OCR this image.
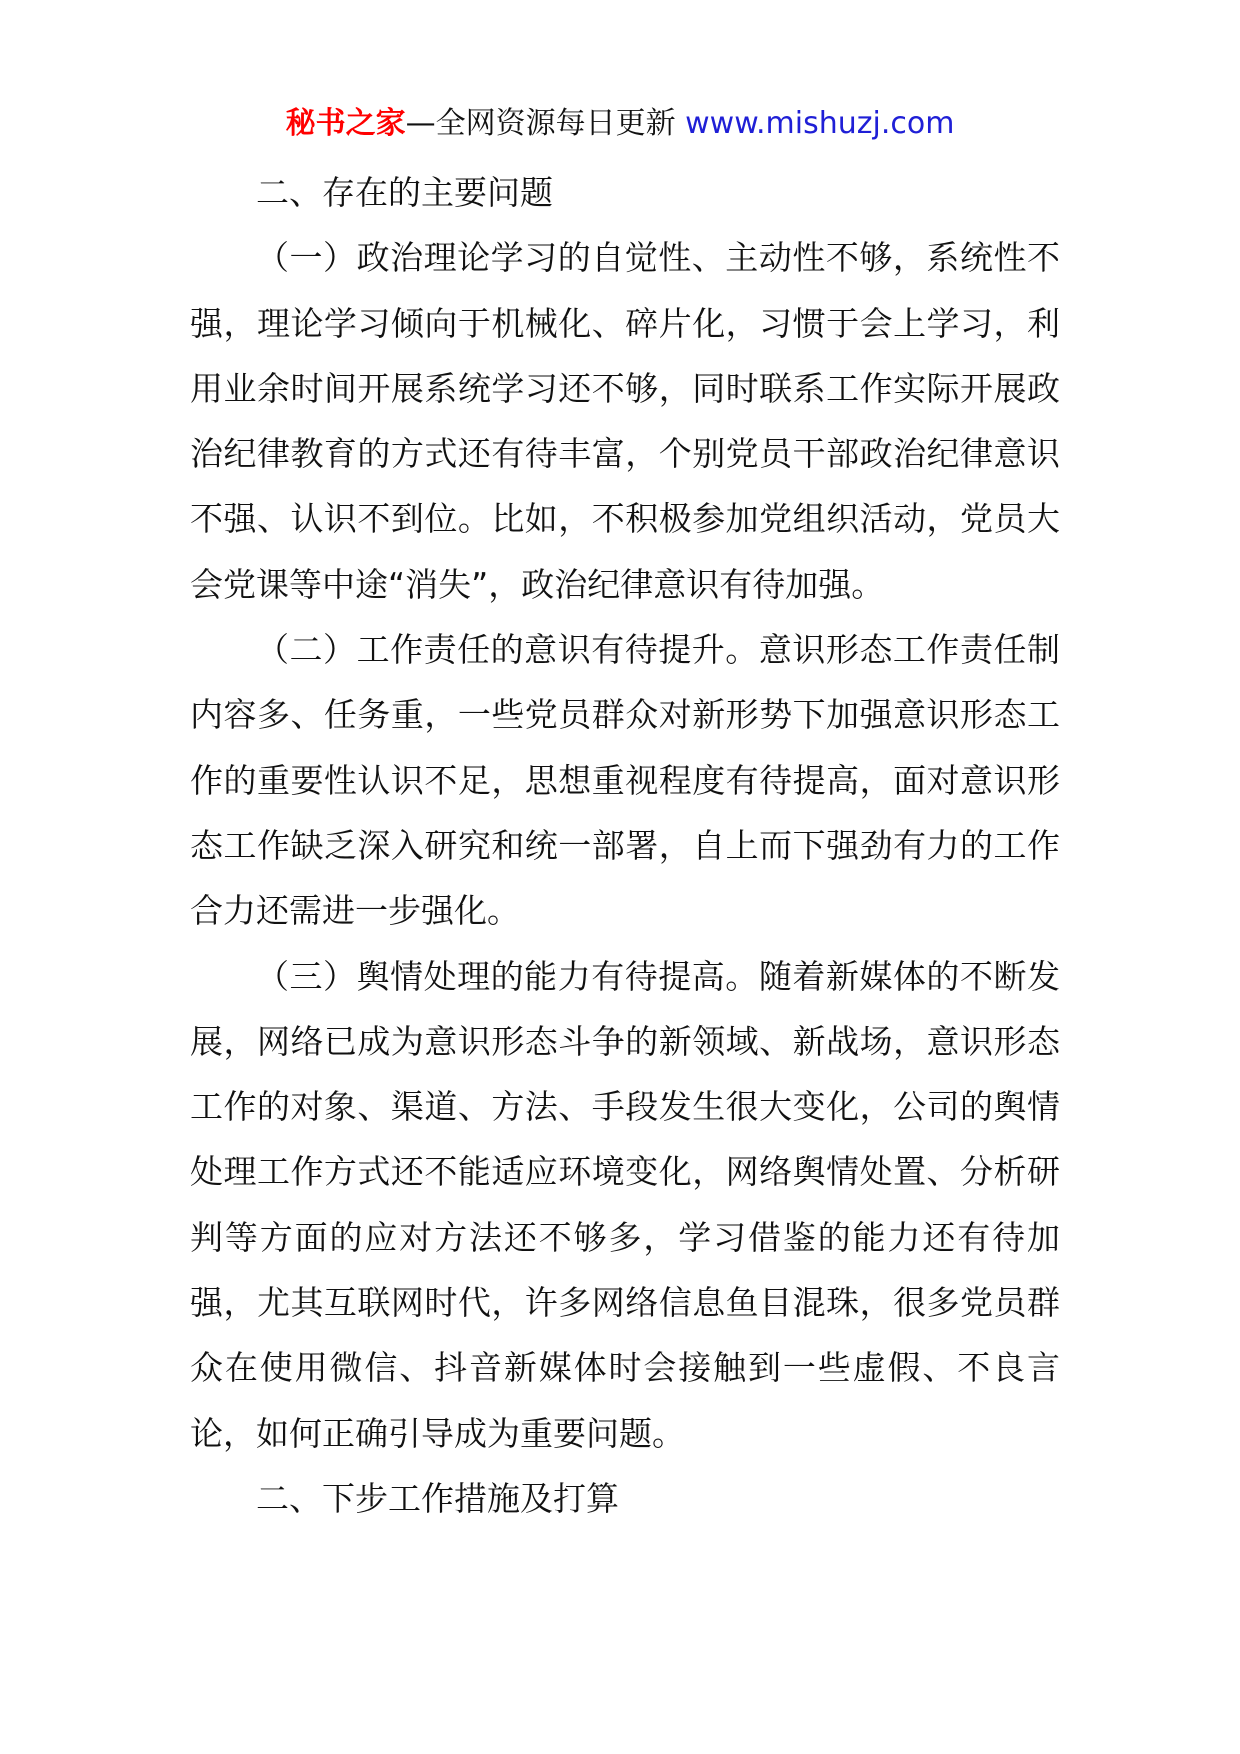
秘书之家—全网资源每日更新 www.mishuzj.com

二、存在的主要问题

（一）政治理论学习的自觉性、主动性不够，系统性不强，理论学习倾向于机械化、碎片化，习惯于会上学习，利用业余时间开展系统学习还不够，同时联系工作实际开展政治纪律教育的方式还有待丰富，个别党员干部政治纪律意识不强、认识不到位。比如，不积极参加党组织活动，党员大会党课等中途“消失”，政治纪律意识有待加强。

（二）工作责任的意识有待提升。意识形态工作责任制内容多、任务重，一些党员群众对新形势下加强意识形态工作的重要性认识不足，思想重视程度有待提高，面对意识形态工作缺乏深入研究和统一部署，自上而下强劲有力的工作合力还需进一步强化。

（三）舆情处理的能力有待提高。随着新媒体的不断发展，网络已成为意识形态斗争的新领域、新战场，意识形态工作的对象、渠道、方法、手段发生很大变化，公司的舆情处理工作方式还不能适应环境变化，网络舆情处置、分析研判等方面的应对方法还不够多，学习借鉴的能力还有待加强，尤其互联网时代，许多网络信息鱼目混珠，很多党员群众在使用微信、抖音新媒体时会接触到一些虚假、不良言论，如何正确引导成为重要问题。

二、下步工作措施及打算
